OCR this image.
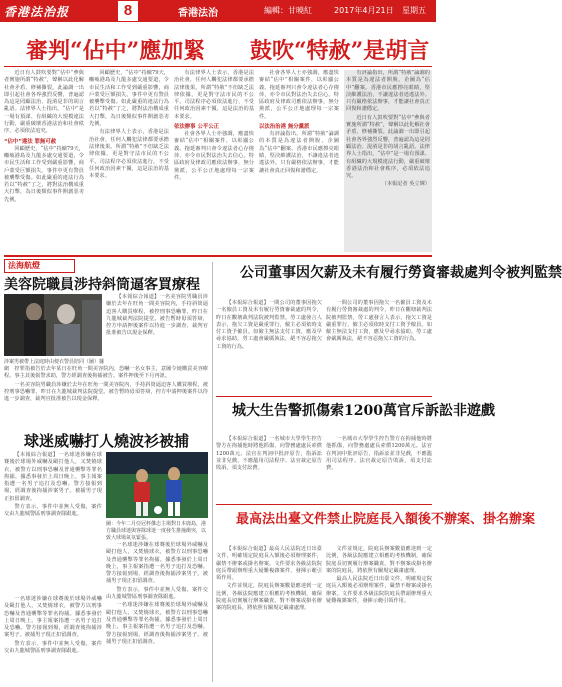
香港法治报	8	香港法治	編輯：甘曉紅	2017年4月21日 星期五
審判“佔中”應加緊 鼓吹“特赦”是胡言

近日有人鼓吹要對“佔中”參與者實施所謂“特赦”，聲稱以此化解社會矛盾、修補撕裂。此論調一出即引起社會各界強烈反響，普遍認為這是罔顧法治、混淆是非的胡言亂語。法律界人士指出，“佔中”是一場有預謀、有組織的大規模違法行動，嚴重破壞香港法治和社會秩序，必須依法追究。

“佔中”違法 罪無可赦

回顧歷史，“佔中”持續79天，癱瘓港島及九龍多處交通要道，令市民生活和工作受到嚴重影響，商戶蒙受巨額損失。事件中更有警員被襲擊受傷。如此嚴重的違法行為若以“特赦”了之，將對法治構成重大打擊，為日後類似事件開創惡劣先例。

回顧歷史，“佔中”持續79天，癱瘓港島及九龍多處交通要道，令市民生活和工作受到嚴重影響，商戶蒙受巨額損失。事件中更有警員被襲擊受傷。如此嚴重的違法行為若以“特赦”了之，將對法治構成重大打擊，為日後類似事件開創惡劣先例。

有法律界人士表示，香港是法治社會，任何人觸犯法律都要承擔法律後果。所謂“特赦”不但缺乏法律依據，更是對守法市民的不公平。司法程序必須依法進行，不受任何政治因素干擾，這是法治的基本要求。

有法律界人士表示，香港是法治社會，任何人觸犯法律都要承擔法律後果。所謂“特赦”不但缺乏法律依據，更是對守法市民的不公平。司法程序必須依法進行，不受任何政治因素干擾，這是法治的基本要求。

依法辦事 公平公正

社會各界人士亦強調，應盡快審結“佔中”相關案件，以彰顯公義。拖延審判只會令違法者心存僥倖，亦令市民對法治失去信心。特區政府及律政司應依法辦事，無分黨派，公平公正地處理每一宗案件。

社會各界人士亦強調，應盡快審結“佔中”相關案件，以彰顯公義。拖延審判只會令違法者心存僥倖，亦令市民對法治失去信心。特區政府及律政司應依法辦事，無分黨派，公平公正地處理每一宗案件。

以法治治港 無分黨派

有評論指出，所謂“特赦”論調的本質是為違法者開脫，企圖為“佔中”翻案。香港市民應擦亮眼睛，堅決維護法治，不讓違法者逍遙法外。只有嚴格依法辦事，才能讓社會真正回復和諧穩定。

有評論指出，所謂“特赦”論調的本質是為違法者開脫，企圖為“佔中”翻案。香港市民應擦亮眼睛，堅決維護法治，不讓違法者逍遙法外。只有嚴格依法辦事，才能讓社會真正回復和諧穩定。

近日有人鼓吹要對“佔中”參與者實施所謂“特赦”，聲稱以此化解社會矛盾、修補撕裂。此論調一出即引起社會各界強烈反響，普遍認為這是罔顧法治、混淆是非的胡言亂語。法律界人士指出，“佔中”是一場有預謀、有組織的大規模違法行動，嚴重破壞香港法治和社會秩序，必須依法追究。

（本報記者 吳立輝）
法海航燈
美容院職員涉持斜筒逼客買療程
涉案男被帶上法庭時由便衣警員陪同（圖）據網

【本報綜合報道】一名美容院男職員涉嫌於去年在旺角一間美容院內，手持斜筒逼迫客人購買療程，被控刑事恐嚇罪，昨日在九龍城裁判法院提堂。被告暫時毋須答辯，控方申請押後案件以待進一步調查，裁判官批准被告以現金保釋。

控罪指被告於去年某日在旺角一間美容院內，恐嚇一名女事主，意圖令她購買美容療程。事主其後報警求助，警方經調查後拘捕被告。案件押後至下月再訊。

一名美容院男職員涉嫌於去年在旺角一間美容院內，手持斜筒逼迫客人購買療程，被控刑事恐嚇罪，昨日在九龍城裁判法院提堂。被告暫時毋須答辯，控方申請押後案件以待進一步調查，裁判官批准被告以現金保釋。

球迷威嚇打人燒波衫被捕

【本報綜合報道】一名球迷涉嫌在球賽後於球場外威嚇及毆打他人，又焚燒球衣，被警方以刑事恐嚇及普通襲擊等罪名拘捕。據悉事發於上周日晚上，事主報案指遭一名男子追打及恐嚇。警方接報到場，經調查後拘捕涉案男子。被捕男子現正扣留調查。

警方表示，事件中並無人受傷，案件交由九龍城警區刑事調查隊跟進。

圖：今年二月亞冠杯傑志主場對日本鹿島，港方職員球迷與客隊球迷一度發生推撞衝突，以致大球場氣氛緊張。

一名球迷涉嫌在球賽後於球場外威嚇及毆打他人，又焚燒球衣，被警方以刑事恐嚇及普通襲擊等罪名拘捕。據悉事發於上周日晚上，事主報案指遭一名男子追打及恐嚇。警方接報到場，經調查後拘捕涉案男子。被捕男子現正扣留調查。

警方表示，事件中並無人受傷，案件交由九龍城警區刑事調查隊跟進。

一名球迷涉嫌在球賽後於球場外威嚇及毆打他人，又焚燒球衣，被警方以刑事恐嚇及普通襲擊等罪名拘捕。據悉事發於上周日晚上，事主報案指遭一名男子追打及恐嚇。警方接報到場，經調查後拘捕涉案男子。被捕男子現正扣留調查。

一名球迷涉嫌在球賽後於球場外威嚇及毆打他人，又焚燒球衣，被警方以刑事恐嚇及普通襲擊等罪名拘捕。據悉事發於上周日晚上，事主報案指遭一名男子追打及恐嚇。警方接報到場，經調查後拘捕涉案男子。被捕男子現正扣留調查。

警方表示，事件中並無人受傷，案件交由九龍城警區刑事調查隊跟進。

公司董事因欠薪及未有履行勞資審裁處判令被判監禁

【本報綜合報道】一間公司的董事因拖欠一名僱員工資及未有履行勞資審裁處的判令，昨日在觀塘裁判法院被判監禁。勞工處發言人表示，拖欠工資是嚴重罪行，僱主必須依時支付工資予僱員。如僱主無法支付工資，應及早尋求協助。勞工處會嚴厲執法，絕不容忍拖欠工資的行為。

一間公司的董事因拖欠一名僱員工資及未有履行勞資審裁處的判令，昨日在觀塘裁判法院被判監禁。勞工處發言人表示，拖欠工資是嚴重罪行，僱主必須依時支付工資予僱員。如僱主無法支付工資，應及早尋求協助。勞工處會嚴厲執法，絕不容忍拖欠工資的行為。

城大生告警抓傷索1200萬官斥訴訟非遊戲

【本報綜合報道】一名城市大學學生控告警方在拘捕他時將他抓傷，向警務處處長索償1200萬元。法官在判詞中批評原告，指訴訟並非兒戲，不應濫用司法程序。法官裁定原告敗訴，須支付訟費。

一名城市大學學生控告警方在拘捕他時將他抓傷，向警務處處長索償1200萬元。法官在判詞中批評原告，指訴訟並非兒戲，不應濫用司法程序。法官裁定原告敗訴，須支付訟費。

最高法出臺文件禁止院庭長入額後不辦案、掛名辦案

【本報綜合報道】最高人民法院近日出臺文件，明確規定院庭長入額後必須辦理案件，嚴禁不辦案或掛名辦案。文件要求各級法院院庭長帶頭辦理重大疑難複雜案件，發揮示範引領作用。

文件並規定，院庭長辦案數量應達到一定比例，各級法院應建立相應的考核機制，確保院庭長切實履行辦案職責。對不辦案或掛名辦案的院庭長，將依照有關規定嚴肅處理。

文件並規定，院庭長辦案數量應達到一定比例，各級法院應建立相應的考核機制，確保院庭長切實履行辦案職責。對不辦案或掛名辦案的院庭長，將依照有關規定嚴肅處理。

最高人民法院近日出臺文件，明確規定院庭長入額後必須辦理案件，嚴禁不辦案或掛名辦案。文件要求各級法院院庭長帶頭辦理重大疑難複雜案件，發揮示範引領作用。
